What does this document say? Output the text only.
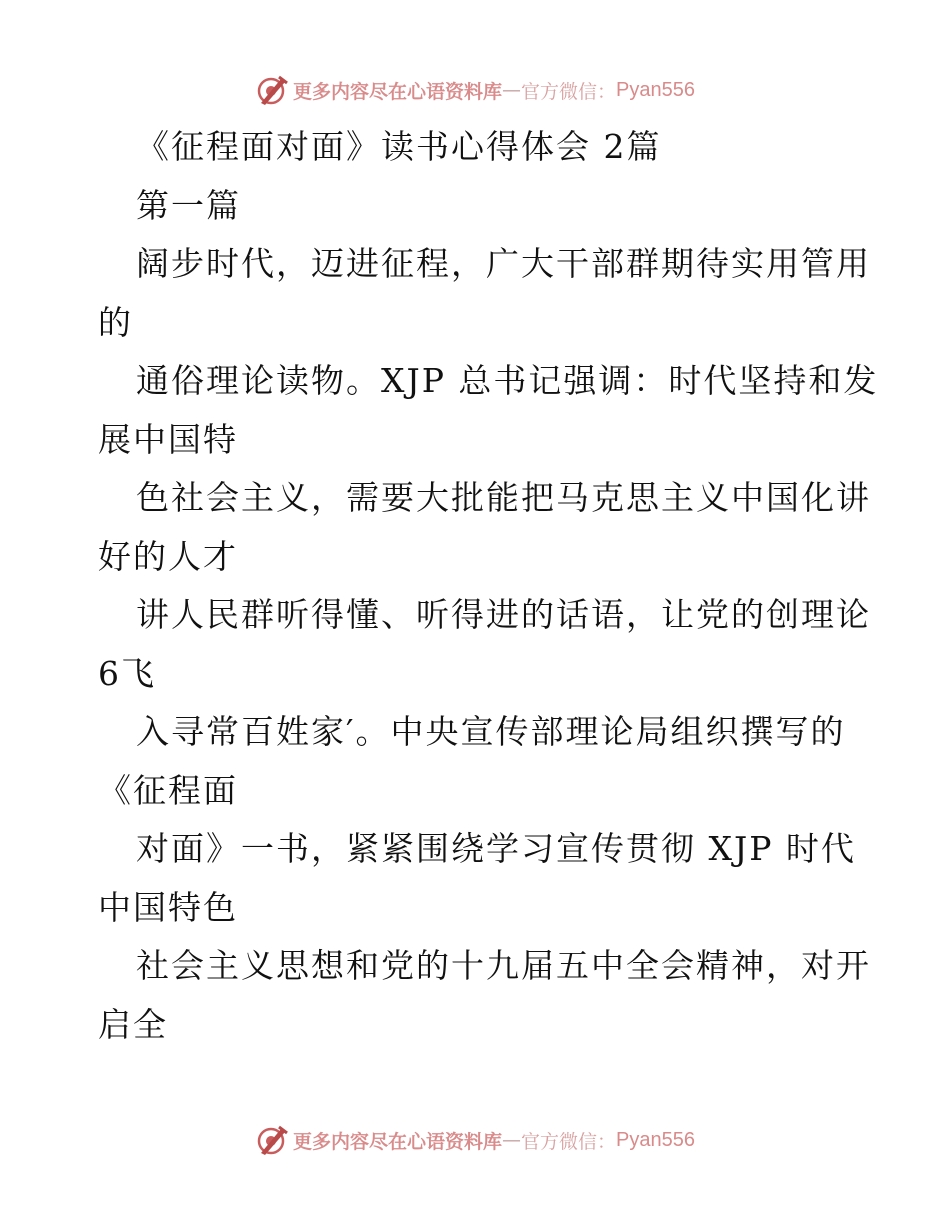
更多内容尽在心语资料库 — 官方微信： Pyan556
《征程面对面》读书心得体会 2篇
第一篇
阔步时代，迈进征程，广大干部群期待实用管用
的
通俗理论读物。XJP 总书记强调：时代坚持和发
展中国特
色社会主义，需要大批能把马克思主义中国化讲
好的人才
讲人民群听得懂、听得进的话语，让党的创理论
6飞
入寻常百姓家′。中央宣传部理论局组织撰写的
《征程面
对面》一书，紧紧围绕学习宣传贯彻 XJP 时代
中国特色
社会主义思想和党的十九届五中全会精神，对开
启全
更多内容尽在心语资料库 — 官方微信： Pyan556
